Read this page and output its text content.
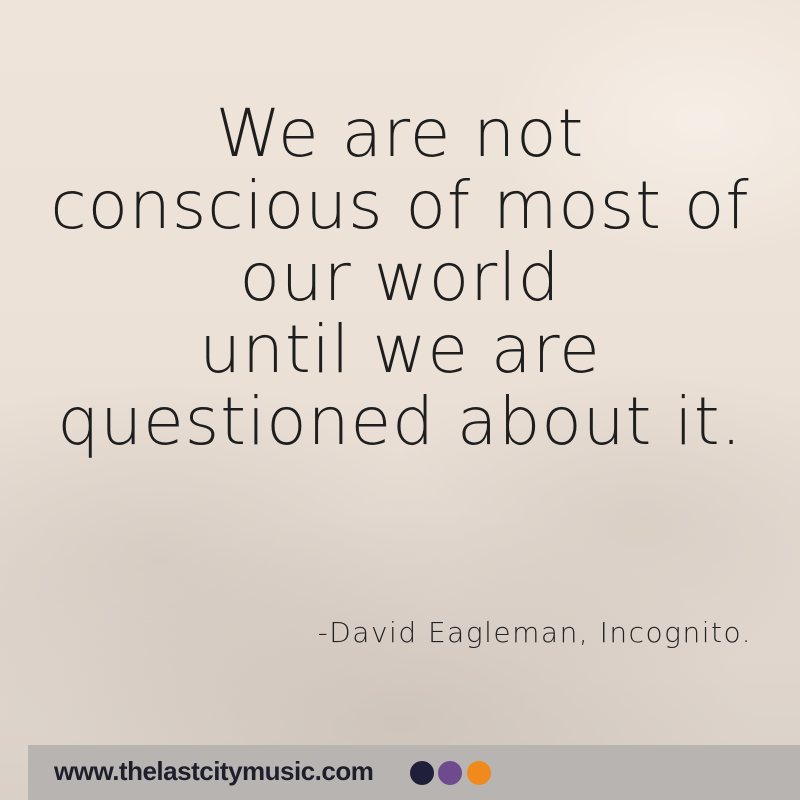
We are not
conscious of most of
our world
until we are
questioned about it.
-David Eagleman, Incognito.
www.thelastcitymusic.com
